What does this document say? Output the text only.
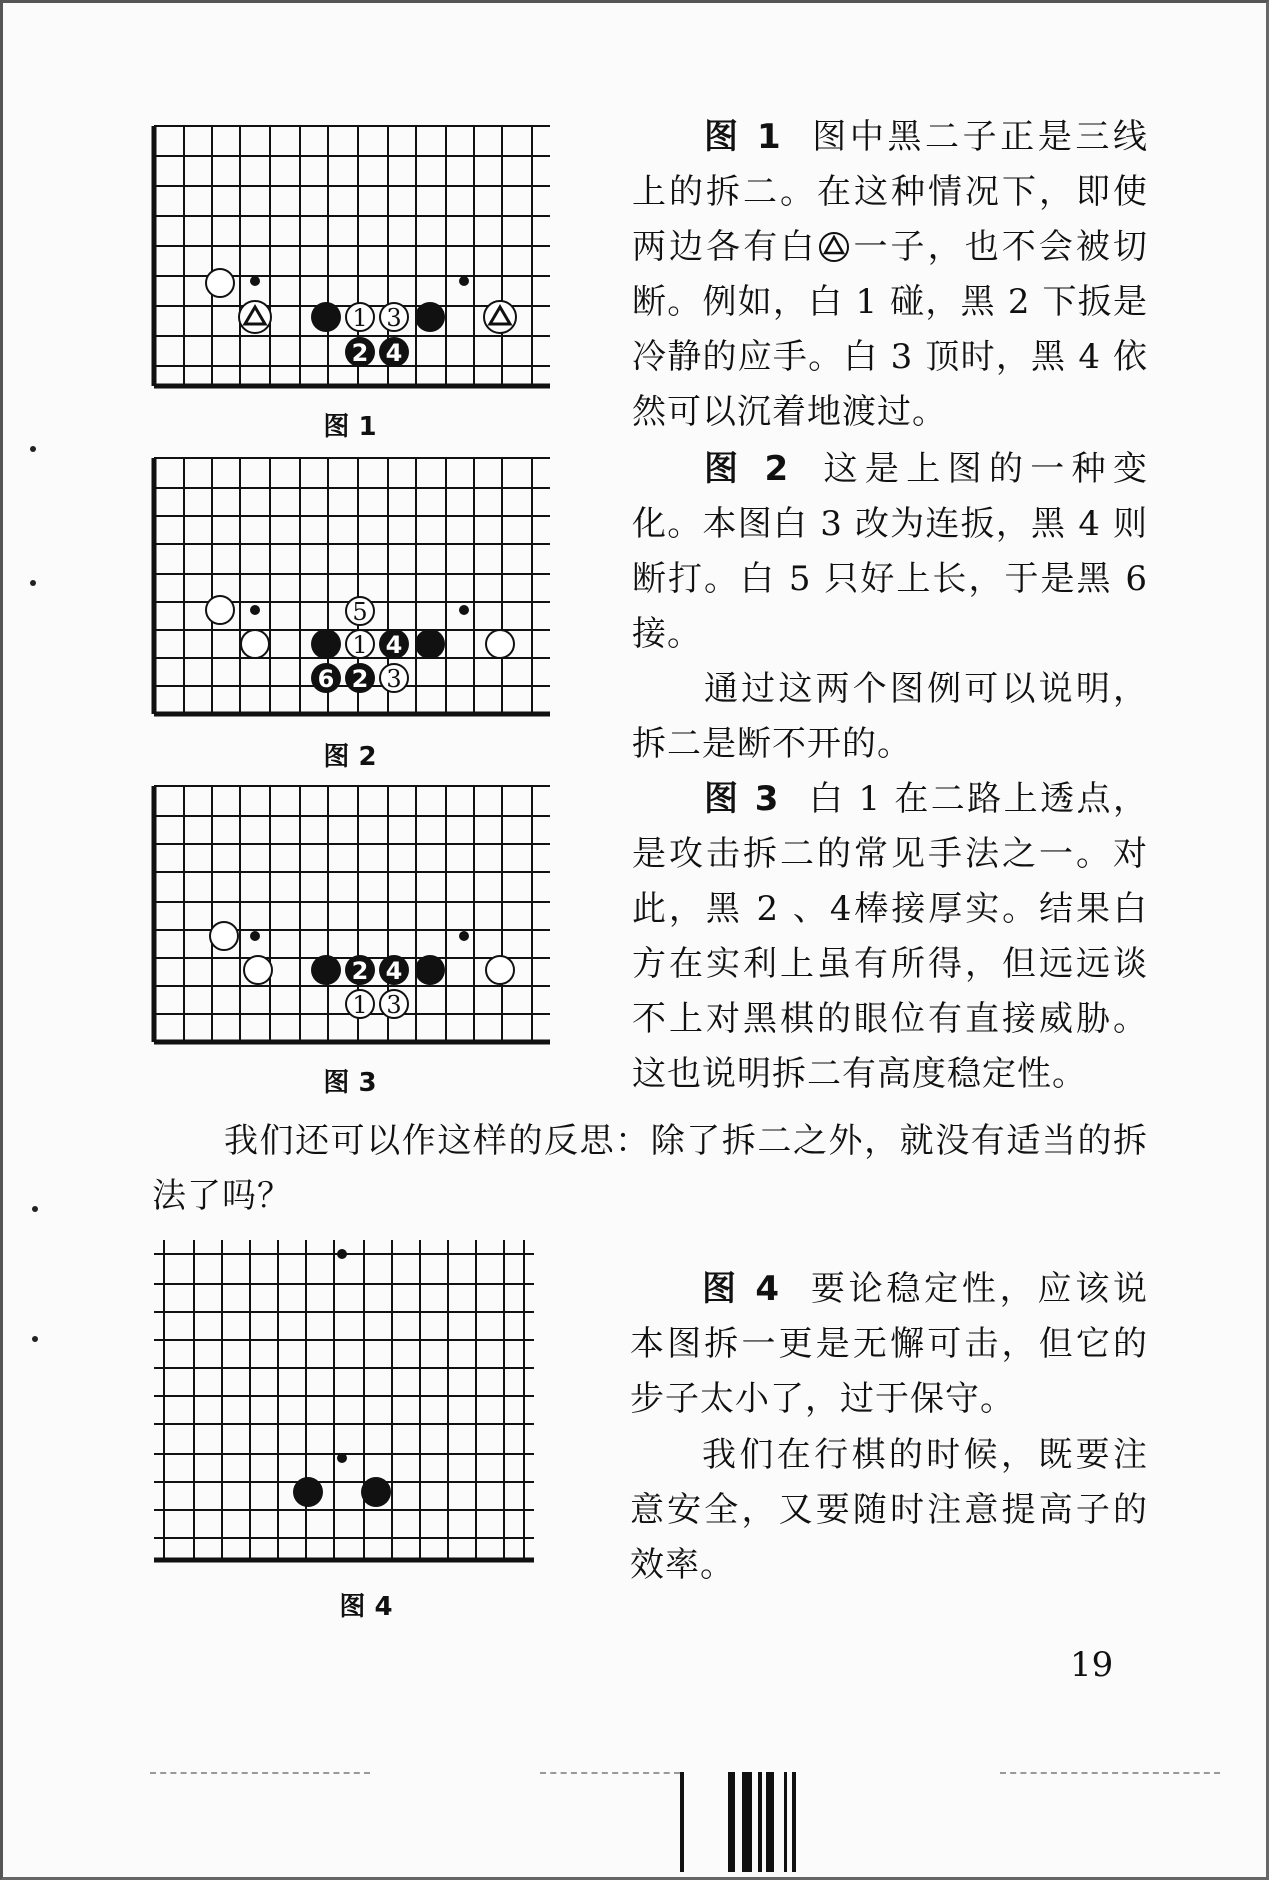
1 3
2 4
图 1
5
1 4
6 2 3
图 2
2 4
1 3
图 3
图 4

图 1 图中黑二子正是三线上的拆二。在这种情况下，即使两边各有白 一子，也不会被切断。例如，白 1 碰，黑 2 下扳是冷静的应手。白 3 顶时，黑 4 依然可以沉着地渡过。

图 2 这是上图的一种变化。本图白 3 改为连扳，黑 4 则断打。白 5 只好上长，于是黑 6 接。

通过这两个图例可以说明，拆二是断不开的。

图 3 白 1 在二路上透点，是攻击拆二的常见手法之一。对此，黑 2 、4棒接厚实。结果白方在实利上虽有所得，但远远谈不上对黑棋的眼位有直接威胁。这也说明拆二有高度稳定性。

我们还可以作这样的反思：除了拆二之外，就没有适当的拆法了吗？

图 4 要论稳定性，应该说本图拆一更是无懈可击，但它的步子太小了，过于保守。

我们在行棋的时候，既要注意安全，又要随时注意提高子的效率。

19
